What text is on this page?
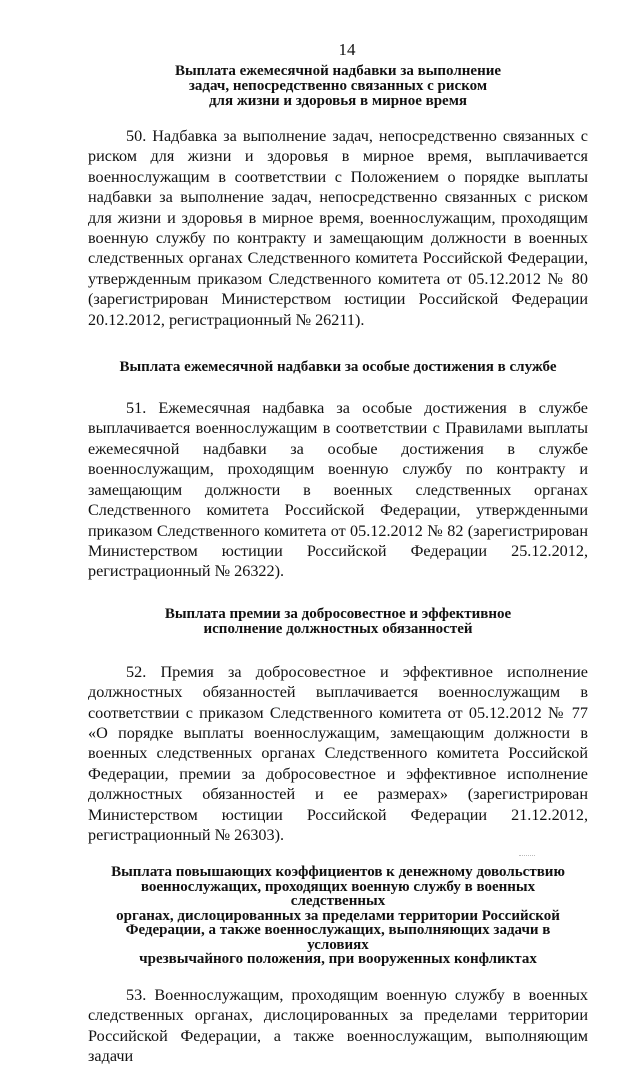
14
Выплата ежемесячной надбавки за выполнение
задач, непосредственно связанных с риском
для жизни и здоровья в мирное время

50. Надбавка за выполнение задач, непосредственно связанных с риском для жизни и здоровья в мирное время, выплачивается военнослужащим в соответствии с Положением о порядке выплаты надбавки за выполнение задач, непосредственно связанных с риском для жизни и здоровья в мирное время, военнослужащим, проходящим военную службу по контракту и замещающим должности в военных следственных органах Следственного комитета Российской Федерации, утвержденным приказом Следственного комитета от 05.12.2012 № 80 (зарегистрирован Министерством юстиции Российской Федерации 20.12.2012, регистрационный № 26211).

Выплата ежемесячной надбавки за особые достижения в службе

51. Ежемесячная надбавка за особые достижения в службе выплачивается военнослужащим в соответствии с Правилами выплаты ежемесячной надбавки за особые достижения в службе военнослужащим, проходящим военную службу по контракту и замещающим должности в военных следственных органах Следственного комитета Российской Федерации, утвержденными приказом Следственного комитета от 05.12.2012 № 82 (зарегистрирован Министерством юстиции Российской Федерации 25.12.2012, регистрационный № 26322).

Выплата премии за добросовестное и эффективное
исполнение должностных обязанностей

52. Премия за добросовестное и эффективное исполнение должностных обязанностей выплачивается военнослужащим в соответствии с приказом Следственного комитета от 05.12.2012 № 77 «О порядке выплаты военнослужащим, замещающим должности в военных следственных органах Следственного комитета Российской Федерации, премии за добросовестное и эффективное исполнение должностных обязанностей и ее размерах» (зарегистрирован Министерством юстиции Российской Федерации 21.12.2012, регистрационный № 26303).

Выплата повышающих коэффициентов к денежному довольствию
военнослужащих, проходящих военную службу в военных следственных
органах, дислоцированных за пределами территории Российской
Федерации, а также военнослужащих, выполняющих задачи в условиях
чрезвычайного положения, при вооруженных конфликтах

53. Военнослужащим, проходящим военную службу в военных следственных органах, дислоцированных за пределами территории Российской Федерации, а также военнослужащим, выполняющим задачи
